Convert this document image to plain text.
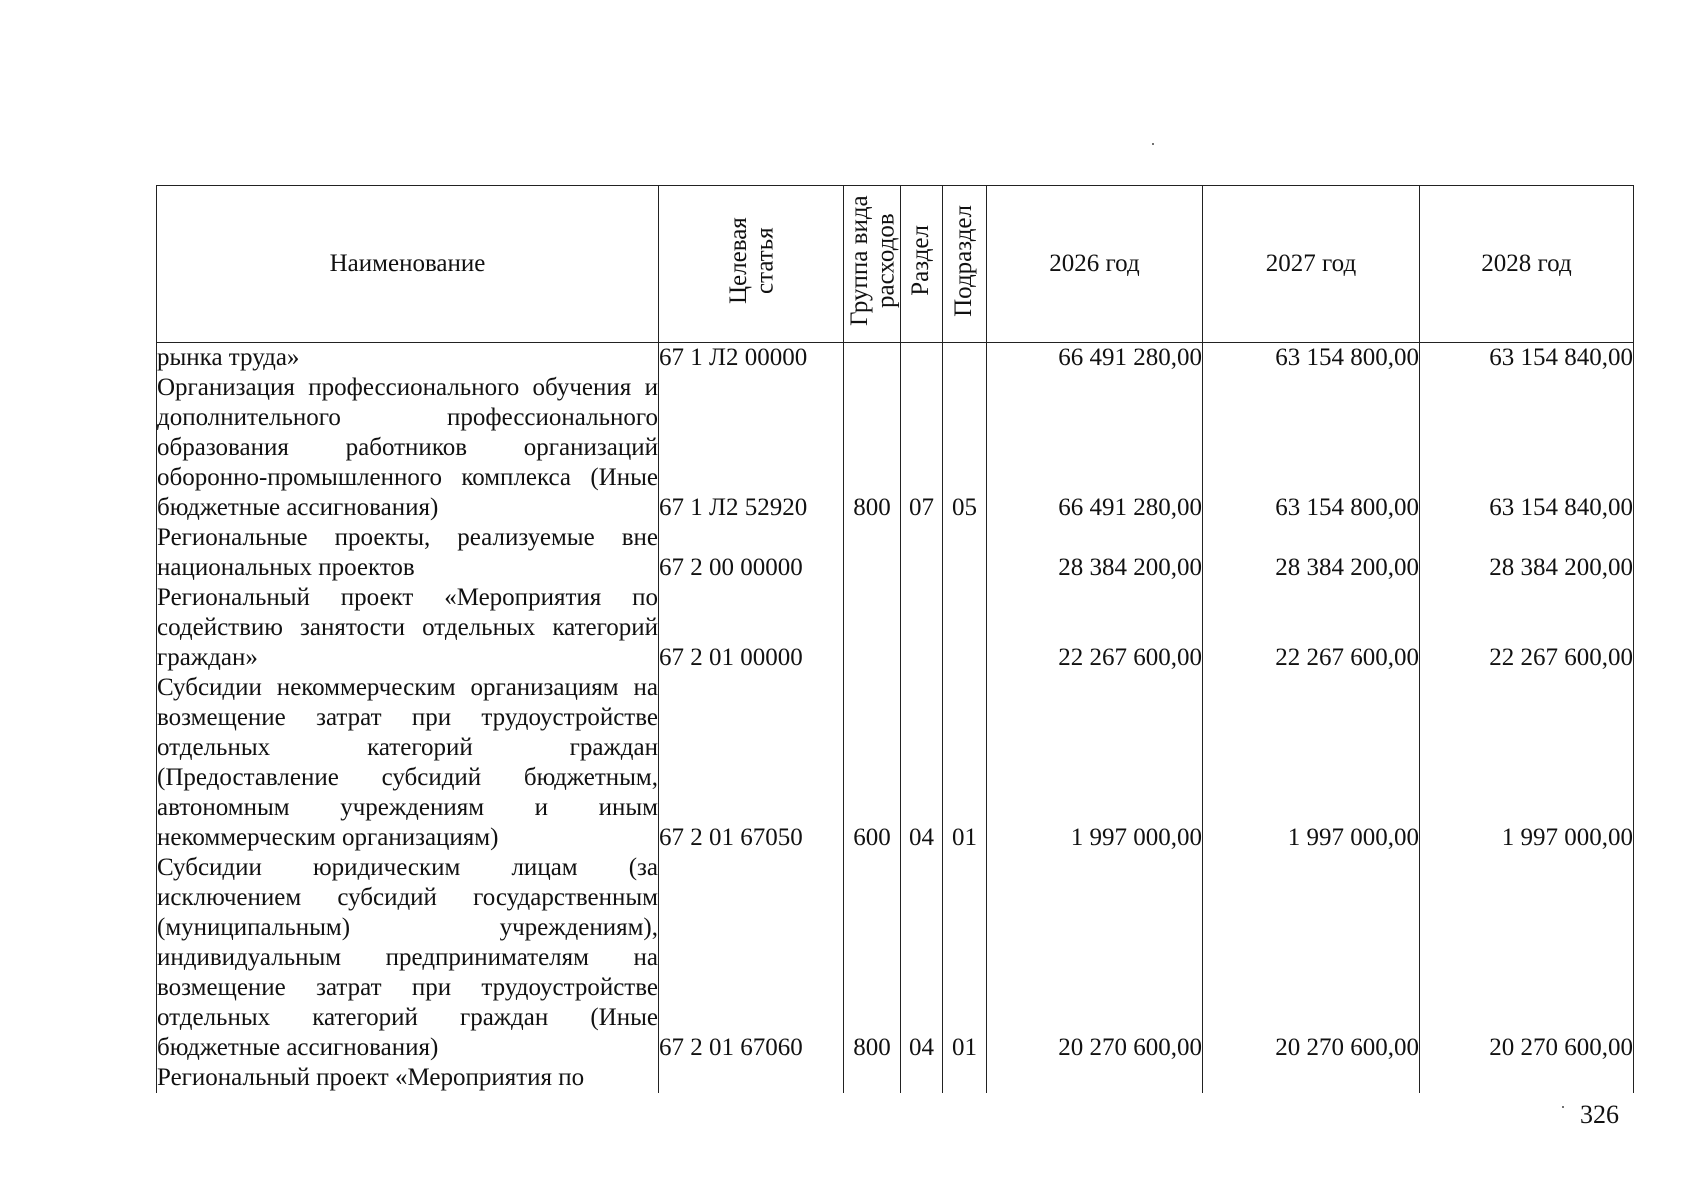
Наименование	Целевая статья	Группа вида расходов	Раздел	Подраздел	2026 год	2027 год	2028 год
рынка труда»	67 1 Л2 00000				66 491 280,00	63 154 800,00	63 154 840,00
Организация профессионального обучения и дополнительного профессионального образования работников организаций оборонно-промышленного комплекса (Иные бюджетные ассигнования)	67 1 Л2 52920	800	07	05	66 491 280,00	63 154 800,00	63 154 840,00
Региональные проекты, реализуемые вне национальных проектов	67 2 00 00000				28 384 200,00	28 384 200,00	28 384 200,00
Региональный проект «Мероприятия по содействию занятости отдельных категорий граждан»	67 2 01 00000				22 267 600,00	22 267 600,00	22 267 600,00
Субсидии некоммерческим организациям на возмещение затрат при трудоустройстве отдельных категорий граждан (Предоставление субсидий бюджетным, автономным учреждениям и иным некоммерческим организациям)	67 2 01 67050	600	04	01	1 997 000,00	1 997 000,00	1 997 000,00
Субсидии юридическим лицам (за исключением субсидий государственным (муниципальным) учреждениям), индивидуальным предпринимателям на возмещение затрат при трудоустройстве отдельных категорий граждан (Иные бюджетные ассигнования)	67 2 01 67060	800	04	01	20 270 600,00	20 270 600,00	20 270 600,00
Региональный проект «Мероприятия по							
326
